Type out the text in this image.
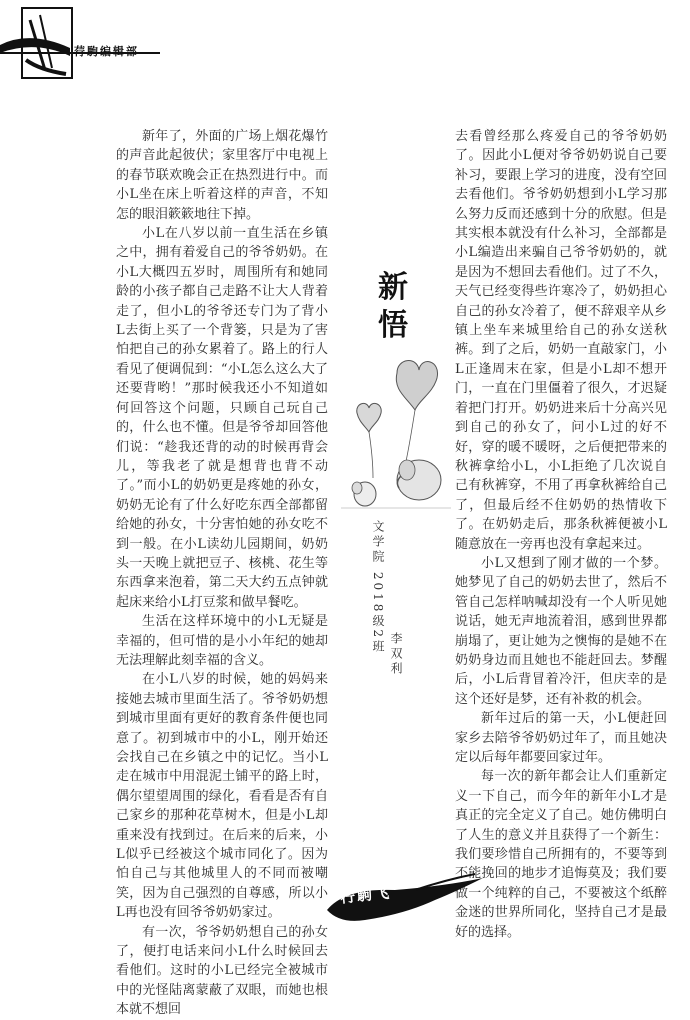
荇駒编辑部

新年了，外面的广场上烟花爆竹的声音此起彼伏；家里客厅中电视上的春节联欢晚会正在热烈进行中。而小L坐在床上听着这样的声音，不知怎的眼泪簌簌地往下掉。

小L在八岁以前一直生活在乡镇之中，拥有着爱自己的爷爷奶奶。在小L大概四五岁时，周围所有和她同龄的小孩子都自己走路不让大人背着走了，但小L的爷爷还专门为了背小L去街上买了一个背篓，只是为了害怕把自己的孙女累着了。路上的行人看见了便调侃到：“小L怎么这么大了还要背哟！”那时候我还小不知道如何回答这个问题，只顾自己玩自己的，什么也不懂。但是爷爷却回答他们说：“趁我还背的动的时候再背会儿，等我老了就是想背也背不动了。”而小L的奶奶更是疼她的孙女，奶奶无论有了什么好吃东西全部都留给她的孙女，十分害怕她的孙女吃不到一般。在小L读幼儿园期间，奶奶头一天晚上就把豆子、核桃、花生等东西拿来泡着，第二天大约五点钟就起床来给小L打豆浆和做早餐吃。

生活在这样环境中的小L无疑是幸福的，但可惜的是小小年纪的她却无法理解此刻幸福的含义。

在小L八岁的时候，她的妈妈来接她去城市里面生活了。爷爷奶奶想到城市里面有更好的教育条件便也同意了。初到城市中的小L，刚开始还会找自己在乡镇之中的记忆。当小L走在城市中用混泥土铺平的路上时，偶尔望望周围的绿化，看看是否有自己家乡的那种花草树木，但是小L却重来没有找到过。在后来的后来，小L似乎已经被这个城市同化了。因为怕自己与其他城里人的不同而被嘲笑，因为自己强烈的自尊感，所以小L再也没有回爷爷奶奶家过。

有一次，爷爷奶奶想自己的孙女了，便打电话来问小L什么时候回去看他们。这时的小L已经完全被城市中的光怪陆离蒙蔽了双眼，而她也根本就不想回

新
悟
文学院 2018级2班 李双利

去看曾经那么疼爱自己的爷爷奶奶了。因此小L便对爷爷奶奶说自己要补习，要跟上学习的进度，没有空回去看他们。爷爷奶奶想到小L学习那么努力反而还感到十分的欣慰。但是其实根本就没有什么补习，全部都是小L编造出来骗自己爷爷奶奶的，就是因为不想回去看他们。过了不久，天气已经变得些许寒冷了，奶奶担心自己的孙女冷着了，便不辞艰辛从乡镇上坐车来城里给自己的孙女送秋裤。到了之后，奶奶一直敲家门，小L正逢周末在家，但是小L却不想开门，一直在门里僵着了很久，才迟疑着把门打开。奶奶进来后十分高兴见到自己的孙女了，问小L过的好不好，穿的暖不暖呀，之后便把带来的秋裤拿给小L，小L拒绝了几次说自己有秋裤穿，不用了再拿秋裤给自己了，但最后经不住奶奶的热情收下了。在奶奶走后，那条秋裤便被小L随意放在一旁再也没有拿起来过。

小L又想到了刚才做的一个梦。她梦见了自己的奶奶去世了，然后不管自己怎样呐喊却没有一个人听见她说话，她无声地流着泪，感到世界都崩塌了，更让她为之懊悔的是她不在奶奶身边而且她也不能赶回去。梦醒后，小L后背冒着冷汗，但庆幸的是这个还好是梦，还有补救的机会。

新年过后的第一天，小L便赶回家乡去陪爷爷奶奶过年了，而且她决定以后每年都要回家过年。

每一次的新年都会让人们重新定义一下自己，而今年的新年小L才是真正的完全定义了自己。她仿佛明白了人生的意义并且获得了一个新生：我们要珍惜自己所拥有的，不要等到不能挽回的地步才追悔莫及；我们要做一个纯粹的自己，不要被这个纸醉金迷的世界所同化，坚持自己才是最好的选择。

荇駒飞
